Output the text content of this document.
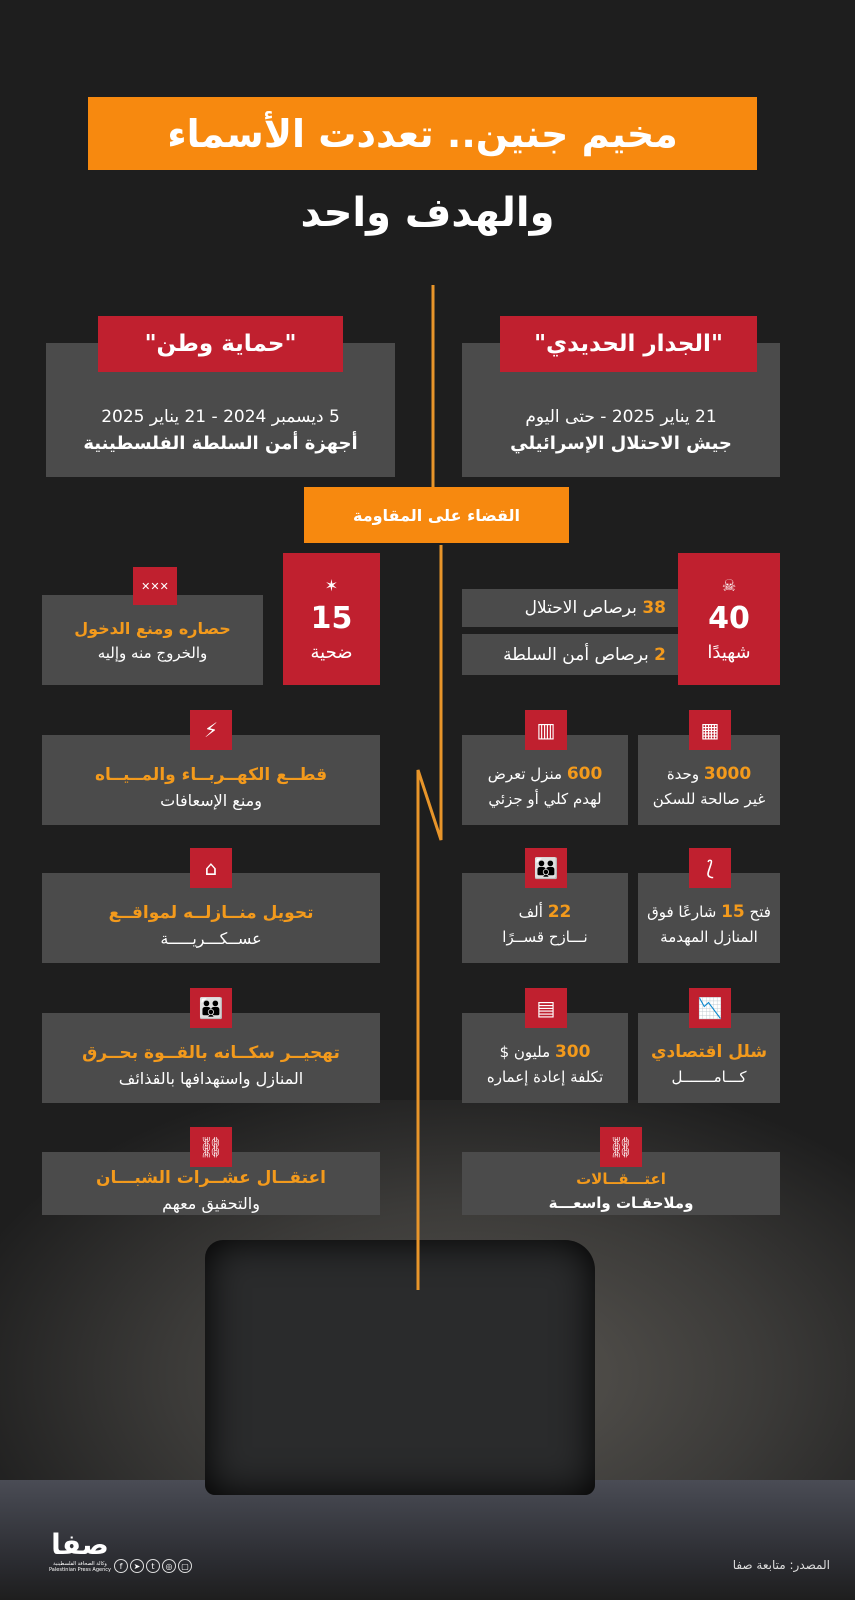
مخيم جنين.. تعددت الأسماء
والهدف واحد
21 يناير 2025 - حتى اليوم
جيش الاحتلال الإسرائيلي
"الجدار الحديدي"
5 ديسمبر 2024 - 21 يناير 2025
أجهزة أمن السلطة الفلسطينية
"حماية وطن"
القضاء على المقاومة
☠
40
شهيدًا
38

برصاص الاحتلال
2

برصاص أمن السلطة
✶
15
ضحية
حصاره ومنع الدخول
والخروج منه وإليه
✕✕✕
3000 وحدة
غير صالحة للسكن
▦
600 منزل تعرض
لهدم كلي أو جزئي
▥
فتح 15 شارعًا فوق
المنازل المهدمة
⟆
22 ألف
نـــازح قســرًا
👪
شلل اقتصادي
كـــامـــــــل
📉
300 مليون $
تكلفة إعادة إعماره
▤
اعتـــقــالات
وملاحقـات واسعـــة
⛓
قطــع الكهــربــاء والمــيــاه
ومنع الإسعافات
⚡
تحويل منــازلــه لمواقــع
عســكـــريـــــة
⌂
تهجيــر سكــانه بالقــوة بحــرق
المنازل واستهدافها بالقذائف
👪
اعتقــال عشــرات الشبـــان
والتحقيق معهم
⛓
صفا
وكالة الصحافة الفلسطينية
Palestinian Press Agency	f	➤	t	◎	▢	المصدر: متابعة صفا
